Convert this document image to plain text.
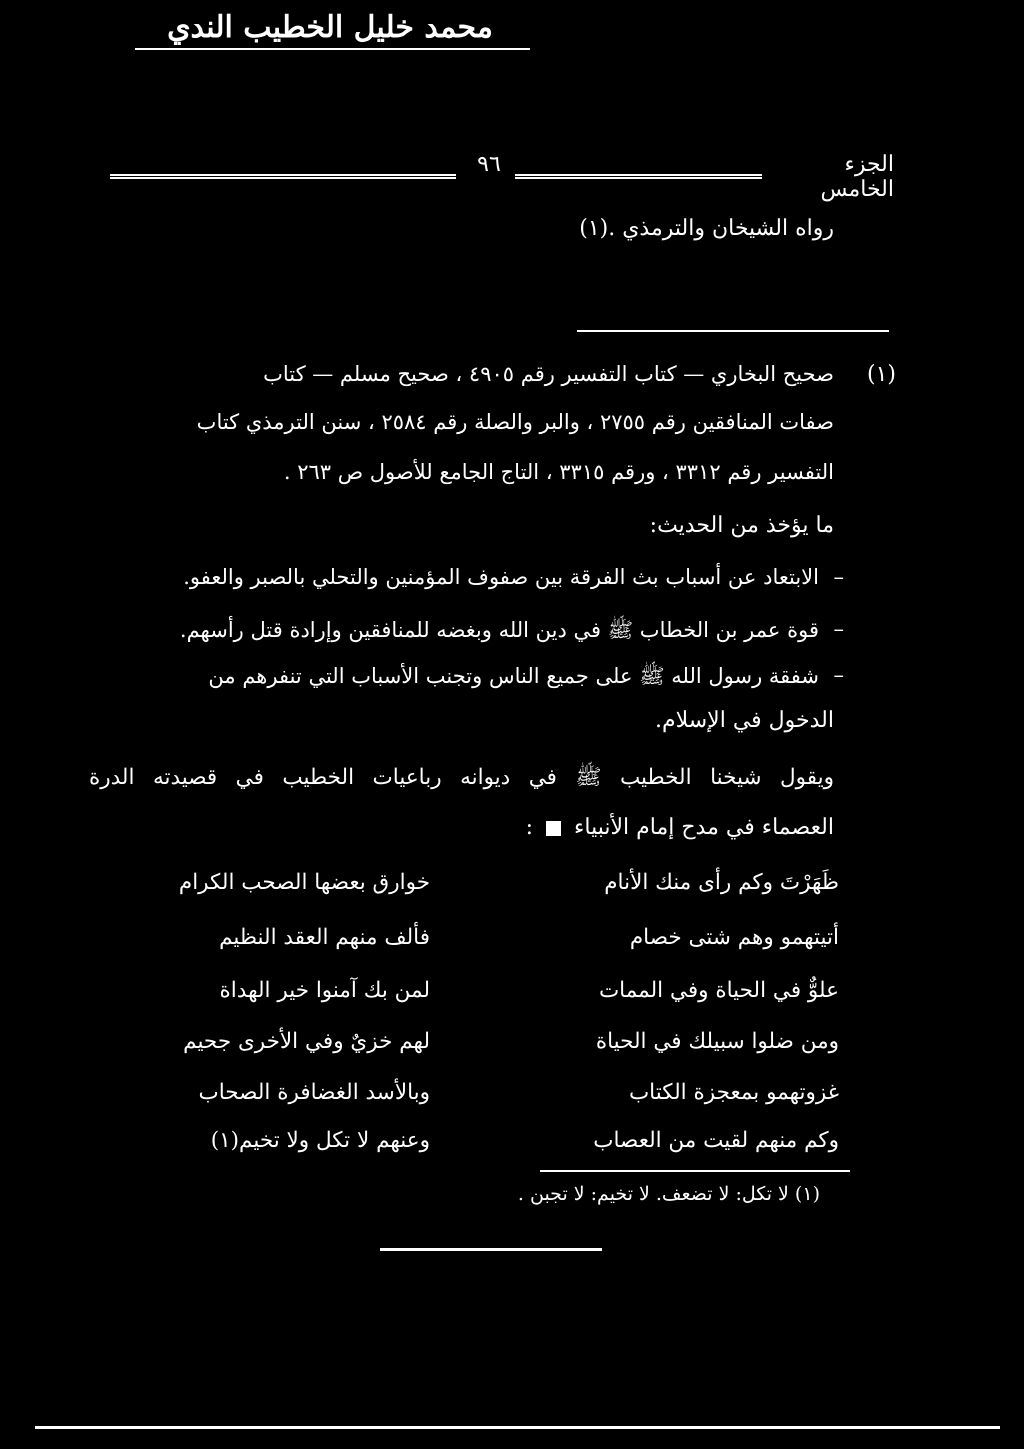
محمد خليل الخطيب الندي
٩٦	الجزء الخامس
رواه الشيخان والترمذي .(١)
(١)
صحيح البخاري — كتاب التفسير رقم ٤٩٠٥ ، صحيح مسلم — كتاب
صفات المنافقين رقم ٢٧٥٥ ، والبر والصلة رقم ٢٥٨٤ ، سنن الترمذي كتاب
التفسير رقم ٣٣١٢ ، ورقم ٣٣١٥ ، التاج الجامع للأصول ص ٢٦٣ .
ما يؤخذ من الحديث:
–
الابتعاد عن أسباب بث الفرقة بين صفوف المؤمنين والتحلي بالصبر والعفو.
–
قوة عمر بن الخطاب ﷺ في دين الله وبغضه للمنافقين وإرادة قتل رأسهم.
–
شفقة رسول الله ﷺ على جميع الناس وتجنب الأسباب التي تنفرهم من
الدخول في الإسلام.
ويقول شيخنا الخطيب ﷺ في ديوانه رباعيات الخطيب في قصيدته الدرة
العصماء في مدح إمام الأنبياء  :
ظَهَرْتَ وكم رأى منك الأنام
خوارق بعضها الصحب الكرام
أتيتهمو وهم شتى خصام
فألف منهم العقد النظيم
علوٌّ في الحياة وفي الممات
لمن بك آمنوا خير الهداة
ومن ضلوا سبيلك في الحياة
لهم خزيٌ وفي الأخرى جحيم
غزوتهمو بمعجزة الكتاب
وبالأسد الغضافرة الصحاب
وكم منهم لقيت من العصاب
وعنهم لا تكل ولا تخيم(١)
(١) لا تكل: لا تضعف. لا تخيم: لا تجبن .
